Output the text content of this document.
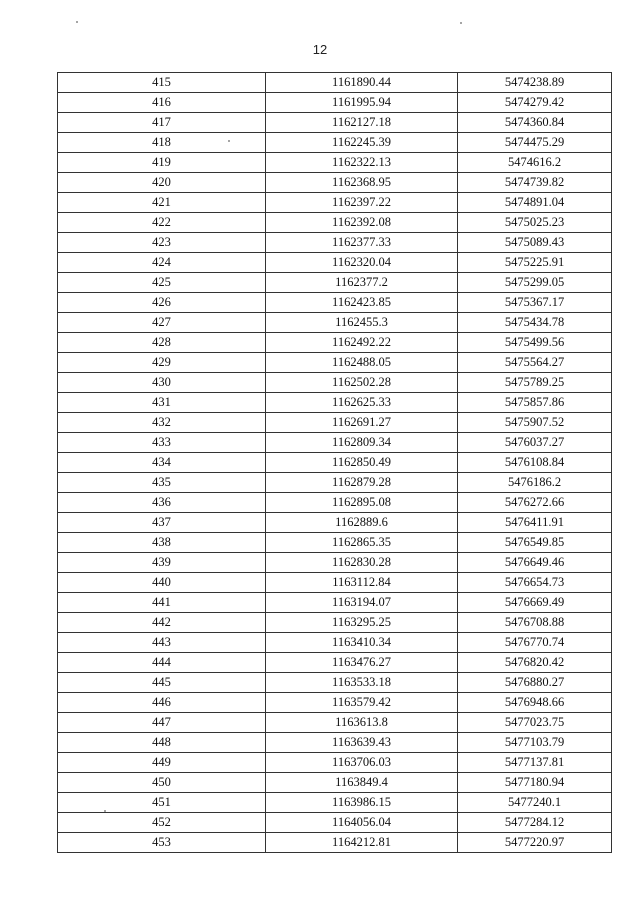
12
415	1161890.44	5474238.89
416	1161995.94	5474279.42
417	1162127.18	5474360.84
418	1162245.39	5474475.29
419	1162322.13	5474616.2
420	1162368.95	5474739.82
421	1162397.22	5474891.04
422	1162392.08	5475025.23
423	1162377.33	5475089.43
424	1162320.04	5475225.91
425	1162377.2	5475299.05
426	1162423.85	5475367.17
427	1162455.3	5475434.78
428	1162492.22	5475499.56
429	1162488.05	5475564.27
430	1162502.28	5475789.25
431	1162625.33	5475857.86
432	1162691.27	5475907.52
433	1162809.34	5476037.27
434	1162850.49	5476108.84
435	1162879.28	5476186.2
436	1162895.08	5476272.66
437	1162889.6	5476411.91
438	1162865.35	5476549.85
439	1162830.28	5476649.46
440	1163112.84	5476654.73
441	1163194.07	5476669.49
442	1163295.25	5476708.88
443	1163410.34	5476770.74
444	1163476.27	5476820.42
445	1163533.18	5476880.27
446	1163579.42	5476948.66
447	1163613.8	5477023.75
448	1163639.43	5477103.79
449	1163706.03	5477137.81
450	1163849.4	5477180.94
451	1163986.15	5477240.1
452	1164056.04	5477284.12
453	1164212.81	5477220.97
